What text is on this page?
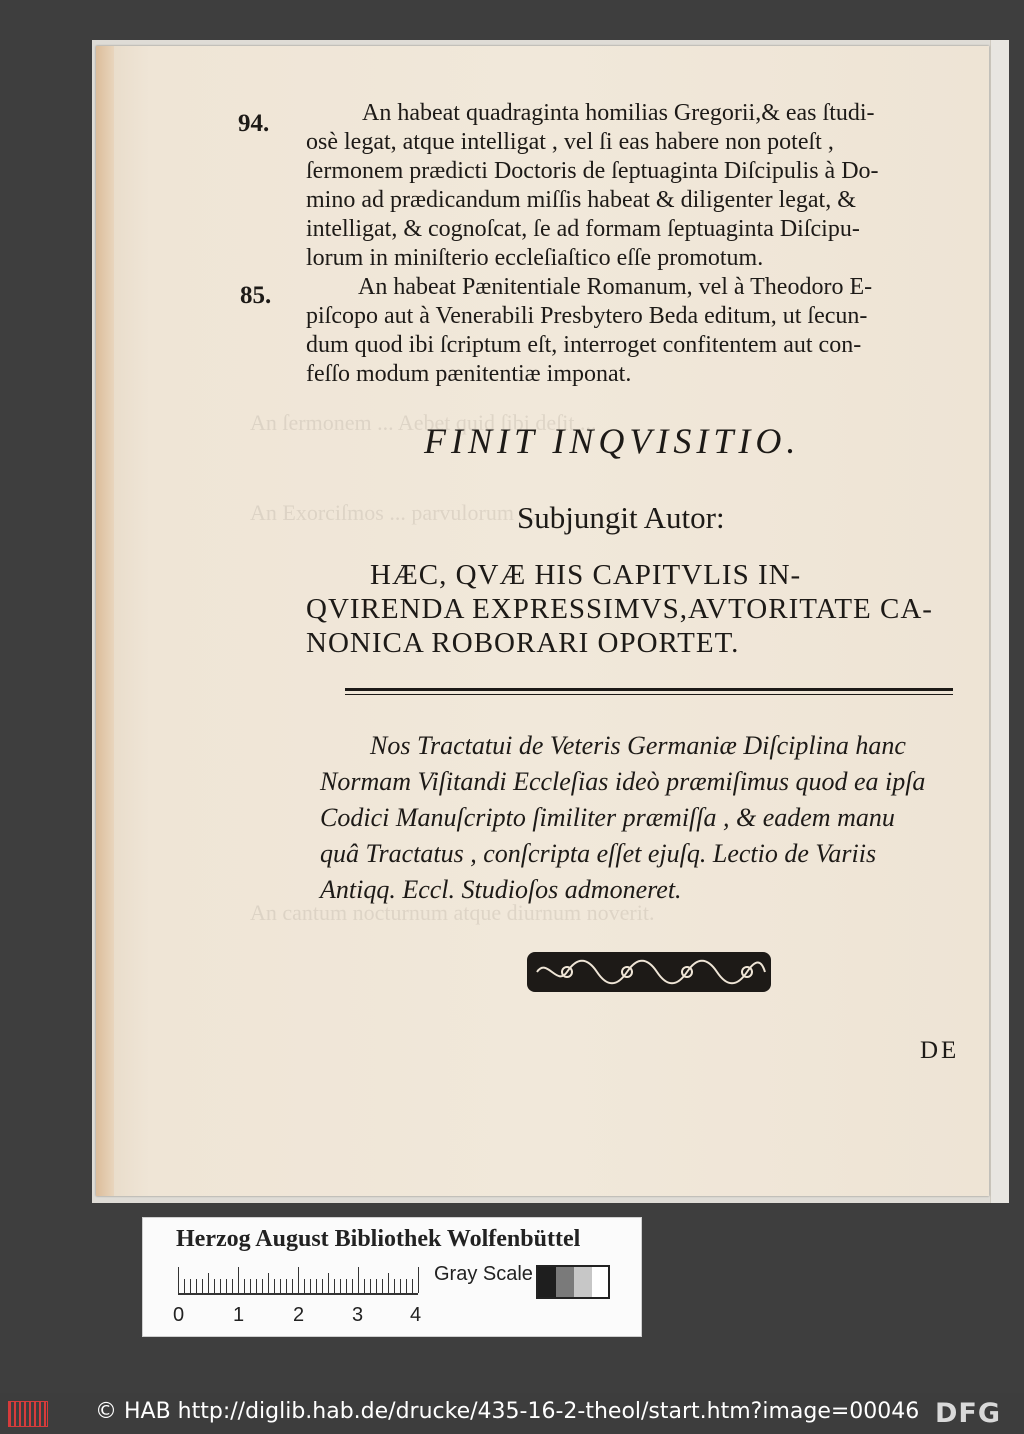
An ſermonem ... Aebet quid ſibi deſit ...
An Exorciſmos ... parvulorum ...
An cantum nocturnum atque diurnum noverit.
94.	An habeat quadraginta homilias Gregorii,& eas ſtudi-
osè legat, atque intelligat , vel ſi eas habere non poteſt ,
ſermonem prædicti Doctoris de ſeptuaginta Diſcipulis à Do-
mino ad prædicandum miſſis habeat & diligenter legat, &
intelligat, & cognoſcat, ſe ad formam ſeptuaginta Diſcipu-
lorum in miniſterio eccleſiaſtico eſſe promotum.
85.	An habeat Pænitentiale Romanum, vel à Theodoro E-
piſcopo aut à Venerabili Presbytero Beda editum, ut ſecun-
dum quod ibi ſcriptum eſt, interroget confitentem aut con-
feſſo modum pænitentiæ imponat.
FINIT INQVISITIO.
Subjungit Autor:
HÆC, QVÆ HIS CAPITVLIS IN-
QVIRENDA EXPRESSIMVS,AVTORITATE CA-
NONICA ROBORARI OPORTET.
Nos Tractatui de Veteris Germaniæ Diſciplina hanc
Normam Viſitandi Eccleſias ideò præmiſimus quod ea ipſa
Codici Manuſcripto ſimiliter præmiſſa , & eadem manu
quâ Tractatus , conſcripta eſſet ejuſq. Lectio de Variis
Antiqq. Eccl. Studioſos admoneret.
DE
Herzog August Bibliothek Wolfenbüttel
0 1 2 3 4
Gray Scale
© HAB http://diglib.hab.de/drucke/435-16-2-theol/start.htm?image=00046 DFG
